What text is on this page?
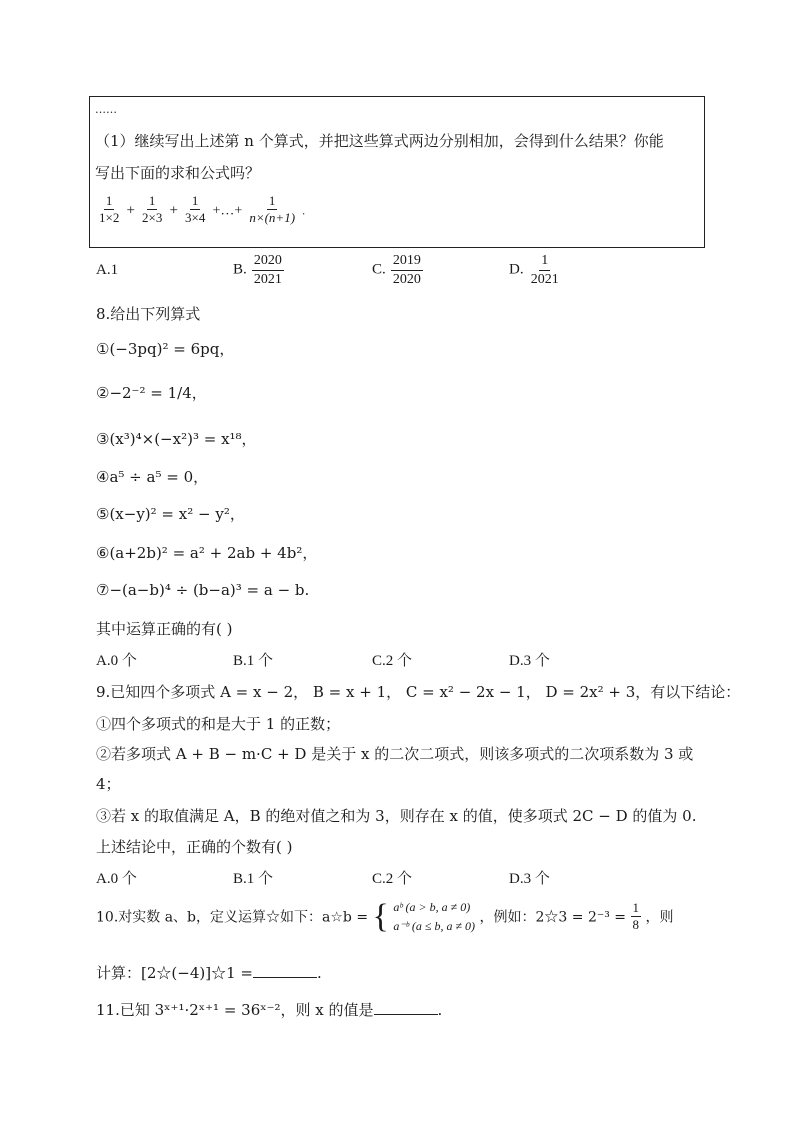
……
（1）继续写出上述第 n 个算式，并把这些算式两边分别相加，会得到什么结果？你能
写出下面的求和公式吗？
$\frac{1}{1\times 2} + \frac{1}{2\times 3} + \frac{1}{3\times 4}$ +…+ $\frac{1}{n\times(n+1)}$ .
A.1	B. $\frac{2020}{2021}$	C. $\frac{2019}{2020}$	D. $\frac{1}{2021}$
8.给出下列算式
①(−3pq)² = 6pq，
②−2⁻² = 1/4，
③(x³)⁴×(−x²)³ = x¹⁸，
④a⁵ ÷ a⁵ = 0，
⑤(x−y)² = x² − y²，
⑥(a+2b)² = a² + 2ab + 4b²，
⑦−(a−b)⁴ ÷ (b−a)³ = a − b.
其中运算正确的有( )
A.0 个	B.1 个	C.2 个	D.3 个
9.已知四个多项式 A = x − 2， B = x + 1， C = x² − 2x − 1， D = 2x² + 3，有以下结论：
①四个多项式的和是大于 1 的正数；
②若多项式 A + B − m·C + D 是关于 x 的二次二项式，则该多项式的二次项系数为 3 或
4；
③若 x 的取值满足 A，B 的绝对值之和为 3，则存在 x 的值，使多项式 2C − D 的值为 0.
上述结论中，正确的个数有( )
A.0 个	B.1 个	C.2 个	D.3 个
10.对实数 a、b，定义运算☆如下：a☆b = { aᵇ (a > b, a ≠ 0)
a⁻ᵇ (a ≤ b, a ≠ 0) ，例如：2☆3 = $2^{-3} = \frac{1}{8}$ ，则
计算：[2☆(−4)]☆1 =	.
11.已知 3ˣ⁺¹·2ˣ⁺¹ = 36ˣ⁻²，则 x 的值是	.
